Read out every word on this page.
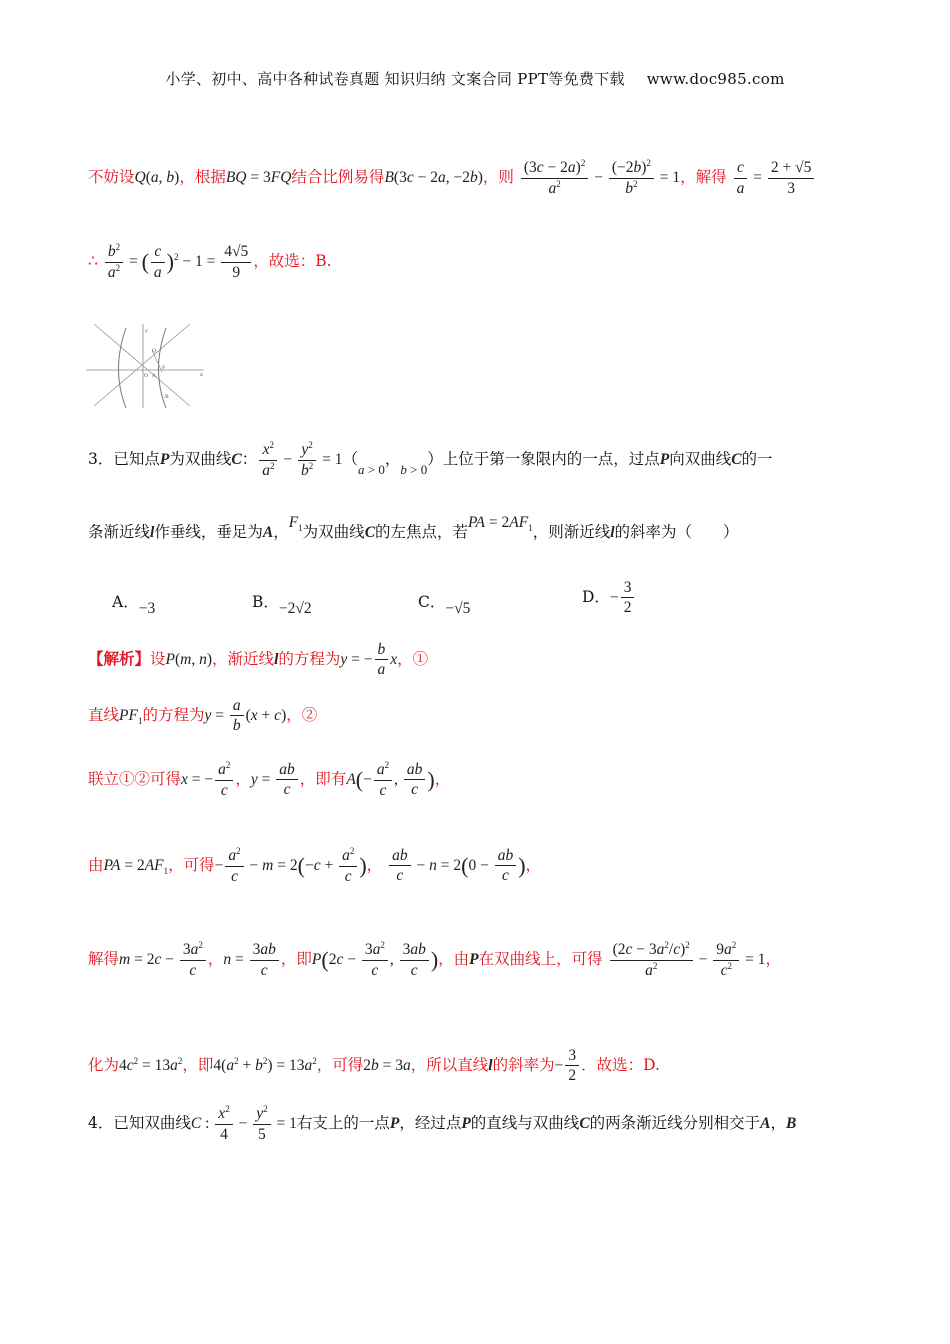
小学、初中、高中各种试卷真题 知识归纳 文案合同 PPT等免费下载 www.doc985.com
不妨设Q(a, b)，根据BQ = 3FQ结合比例易得B(3c − 2a, −2b)，则 $\frac{(3c - 2a)^2}{a^2} - \frac{(-2b)^2}{b^2} = 1$，解得 $\frac{c}{a} = \frac{2 + √5}{3}$
∴ $\frac{b^2}{a^2}$ = ( $\frac{c}{a} )^2 - 1 = \frac{4√5}{9}$ ，故选：B.
y
Q
F
O A	x
B
3．已知点P为双曲线C： $\frac{x^2}{a^2} - \frac{y^2}{b^2} = 1(_a$ $_{> 0}$，$_b$ $_{> 0}$）上位于第一象限内的一点，过点P向双曲线C的一
条渐近线l作垂线，垂足为A，$F_1$为双曲线C的左焦点，若PA = $2AF_1$，则渐近线l的斜率为（　　）
A．−3	B．−2√2	C．−√5
D．− $\frac{3}{2}$
【解析】设P(m, n)，渐近线l的方程为y = − $\frac{b}{a}$ x，①
直线$PF_1$的方程为$y = \frac{a}{b} (x + c)$，②
联立①②可得x = − $\frac{a^2}{c}$ ，$y = \frac{ab}{c}$ ，即有$A(- \frac{a^2}{c}$ , $\frac{ab}{c}$ )，
由PA = $2AF_1$，可得− $\frac{a^2}{c} - m = 2(-c + \frac{a^2}{c}$ )， $\frac{ab}{c} - n = 2(0 - \frac{ab}{c}$ )，
解得$m = 2c - \frac{3a^2}{c}$ ，$n = \frac{3ab}{c}$ ，即$P(2c - \frac{3a^2}{c}$ , $\frac{3ab}{c}$ )，由P在双曲线上，可得 $\frac{(2c - 3a^2/c)^2}{a^2} - \frac{9a^2}{c^2} = 1$，
化为$4c^2 = 13a^2$，即$4(a^2 + b^2) = 13a^2$，可得2b = 3a，所以直线l的斜率为− $\frac{3}{2}$ ．故选：D.
4．已知双曲线C : $\frac{x^2}{4} - \frac{y^2}{5} = 1$右支上的一点P，经过点P的直线与双曲线C的两条渐近线分别相交于A，B
